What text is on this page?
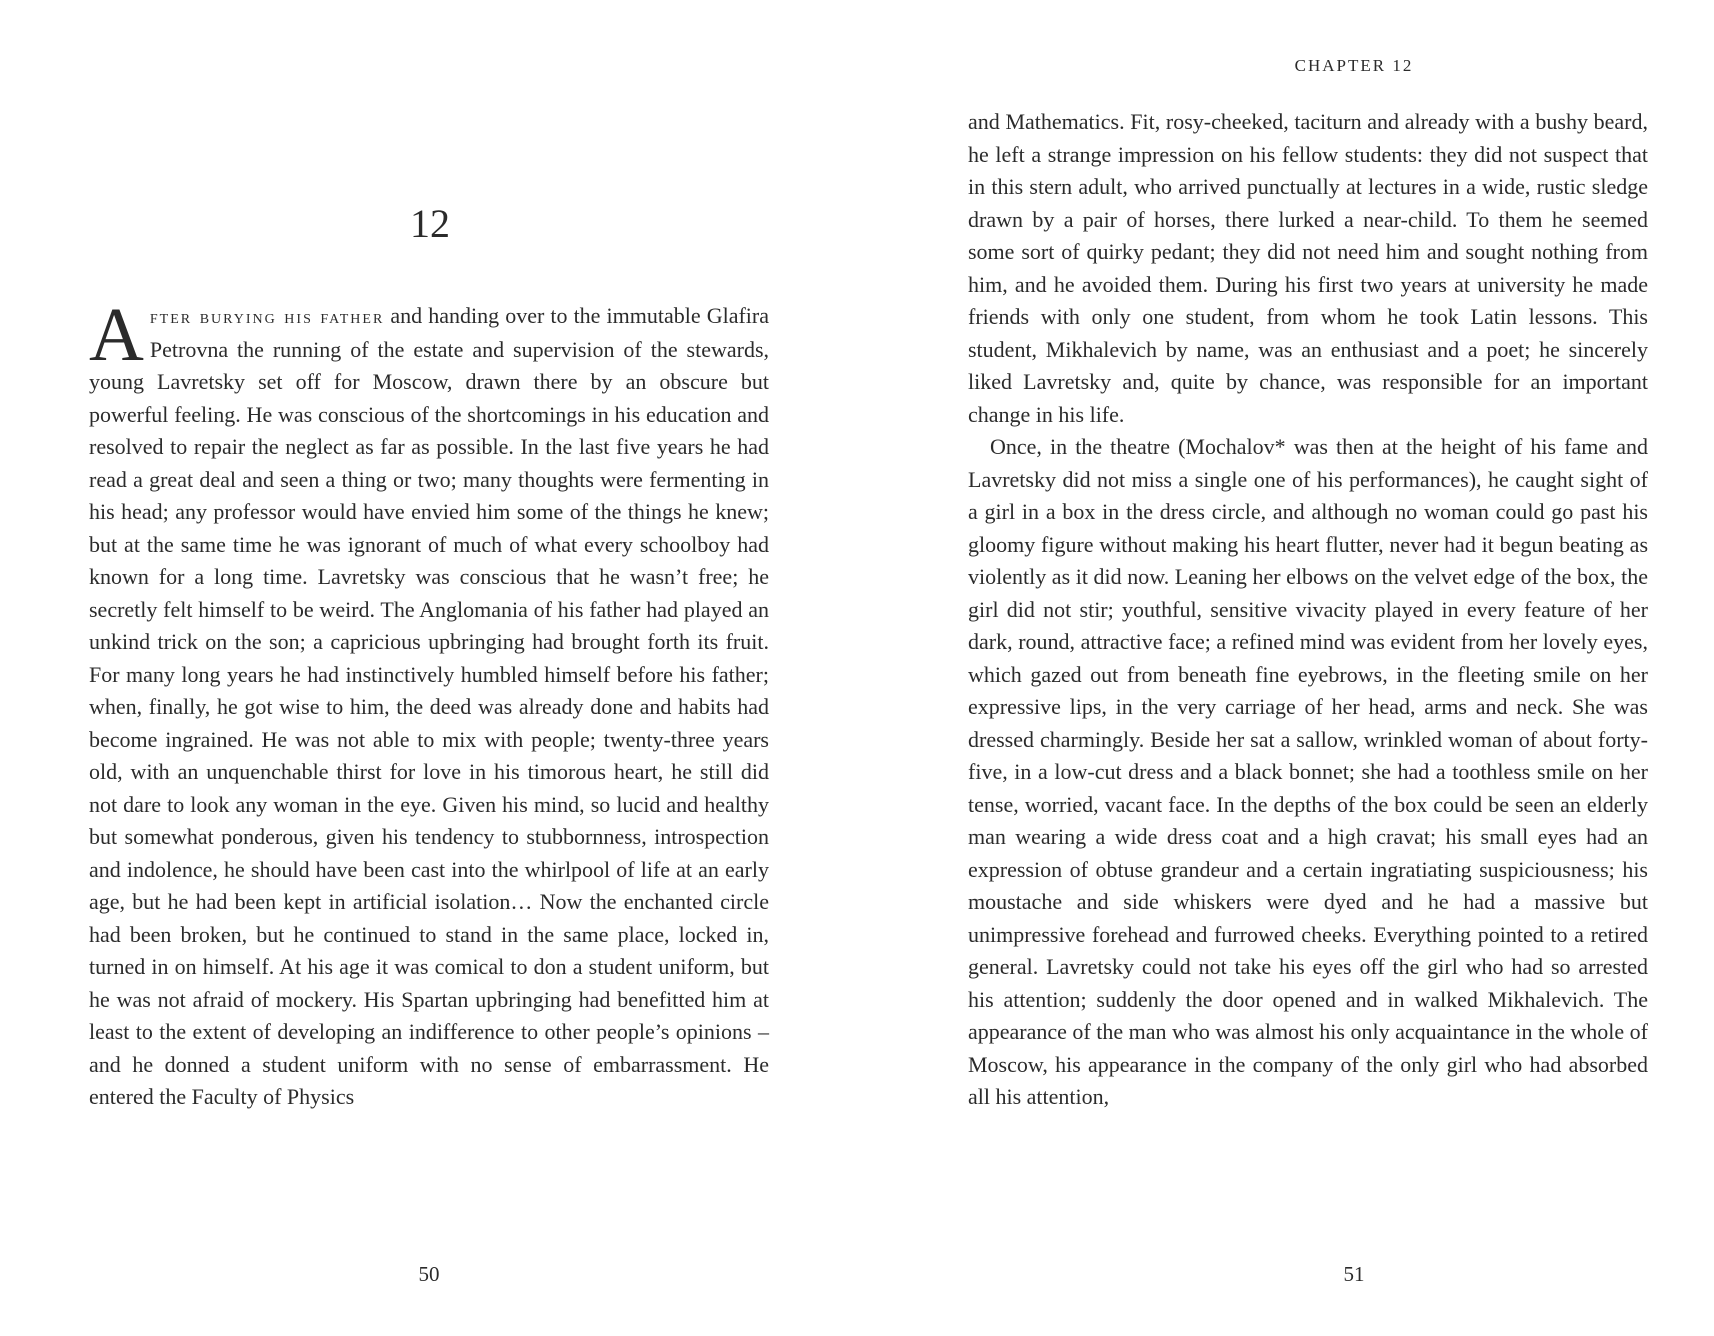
12

After burying his father and handing over to the immutable Glafira Petrovna the running of the estate and supervision of the stewards, young Lavretsky set off for Moscow, drawn there by an obscure but powerful feeling. He was conscious of the shortcomings in his education and resolved to repair the neglect as far as possible. In the last five years he had read a great deal and seen a thing or two; many thoughts were fermenting in his head; any professor would have envied him some of the things he knew; but at the same time he was ignorant of much of what every schoolboy had known for a long time. Lavretsky was conscious that he wasn’t free; he secretly felt himself to be weird. The Anglomania of his father had played an unkind trick on the son; a capricious upbringing had brought forth its fruit. For many long years he had instinctively humbled himself before his father; when, finally, he got wise to him, the deed was already done and habits had become ingrained. He was not able to mix with people; twenty-three years old, with an unquenchable thirst for love in his timorous heart, he still did not dare to look any woman in the eye. Given his mind, so lucid and healthy but somewhat ponderous, given his tendency to stubbornness, introspection and indolence, he should have been cast into the whirlpool of life at an early age, but he had been kept in artificial isolation… Now the enchanted circle had been broken, but he continued to stand in the same place, locked in, turned in on himself. At his age it was comical to don a student uniform, but he was not afraid of mockery. His Spartan upbringing had benefitted him at least to the extent of developing an indifference to other people’s opinions – and he donned a student uniform with no sense of embarrassment. He entered the Faculty of Physics

50
CHAPTER 12

and Mathematics. Fit, rosy-cheeked, taciturn and already with a bushy beard, he left a strange impression on his fellow students: they did not suspect that in this stern adult, who arrived punctually at lectures in a wide, rustic sledge drawn by a pair of horses, there lurked a near-child. To them he seemed some sort of quirky pedant; they did not need him and sought nothing from him, and he avoided them. During his first two years at university he made friends with only one student, from whom he took Latin lessons. This student, Mikhalevich by name, was an enthusiast and a poet; he sincerely liked Lavretsky and, quite by chance, was responsible for an important change in his life.

Once, in the theatre (Mochalov* was then at the height of his fame and Lavretsky did not miss a single one of his performances), he caught sight of a girl in a box in the dress circle, and although no woman could go past his gloomy figure without making his heart flutter, never had it begun beating as violently as it did now. Leaning her elbows on the velvet edge of the box, the girl did not stir; youthful, sensitive vivacity played in every feature of her dark, round, attractive face; a refined mind was evident from her lovely eyes, which gazed out from beneath fine eyebrows, in the fleeting smile on her expressive lips, in the very carriage of her head, arms and neck. She was dressed charmingly. Beside her sat a sallow, wrinkled woman of about forty-five, in a low-cut dress and a black bonnet; she had a toothless smile on her tense, worried, vacant face. In the depths of the box could be seen an elderly man wearing a wide dress coat and a high cravat; his small eyes had an expression of obtuse grandeur and a certain ingratiating suspiciousness; his moustache and side whiskers were dyed and he had a massive but unimpressive forehead and furrowed cheeks. Everything pointed to a retired general. Lavretsky could not take his eyes off the girl who had so arrested his attention; suddenly the door opened and in walked Mikhalevich. The appearance of the man who was almost his only acquaintance in the whole of Moscow, his appearance in the company of the only girl who had absorbed all his attention,

51
